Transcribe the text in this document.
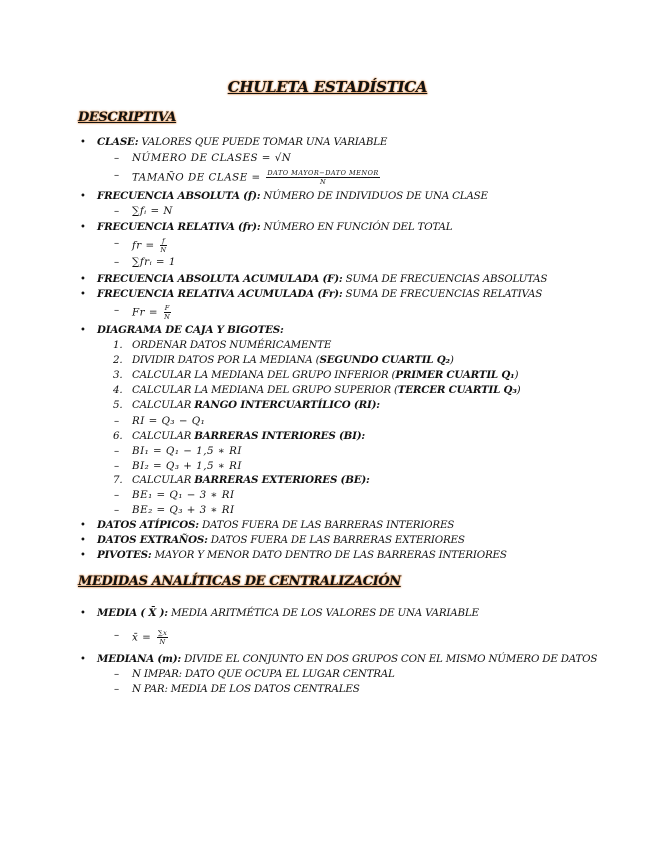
CHULETA ESTADÍSTICA
DESCRIPTIVA
• CLASE: VALORES QUE PUEDE TOMAR UNA VARIABLE
– NÚMERO DE CLASES = √N
– TAMAÑO DE CLASE = $\frac{\text{DATO MAYOR−DATO MENOR}}{N}$
• FRECUENCIA ABSOLUTA (f): NÚMERO DE INDIVIDUOS DE UNA CLASE
– ∑fᵢ = N
• FRECUENCIA RELATIVA (fr): NÚMERO EN FUNCIÓN DEL TOTAL
– fr = $\frac{f}{N}$
– ∑frᵢ = 1
• FRECUENCIA ABSOLUTA ACUMULADA (F): SUMA DE FRECUENCIAS ABSOLUTAS
• FRECUENCIA RELATIVA ACUMULADA (Fr): SUMA DE FRECUENCIAS RELATIVAS
– $Fr = \frac{F}{N}$
• DIAGRAMA DE CAJA Y BIGOTES:
1. ORDENAR DATOS NUMÉRICAMENTE
2. DIVIDIR DATOS POR LA MEDIANA (SEGUNDO CUARTIL Q₂)
3. CALCULAR LA MEDIANA DEL GRUPO INFERIOR (PRIMER CUARTIL Q₁)
4. CALCULAR LA MEDIANA DEL GRUPO SUPERIOR (TERCER CUARTIL Q₃)
5. CALCULAR RANGO INTERCUARTÍLICO (RI):
– RI = Q₃ − Q₁
6. CALCULAR BARRERAS INTERIORES (BI):
– BI₁ = Q₁ − 1,5 ∗ RI
– BI₂ = Q₃ + 1,5 ∗ RI
7. CALCULAR BARRERAS EXTERIORES (BE):
– BE₁ = Q₁ − 3 ∗ RI
– BE₂ = Q₃ + 3 ∗ RI
• DATOS ATÍPICOS: DATOS FUERA DE LAS BARRERAS INTERIORES
• DATOS EXTRAÑOS: DATOS FUERA DE LAS BARRERAS EXTERIORES
• PIVOTES: MAYOR Y MENOR DATO DENTRO DE LAS BARRERAS INTERIORES
MEDIDAS ANALÍTICAS DE CENTRALIZACIÓN
• MEDIA ( X̄ ): MEDIA ARITMÉTICA DE LOS VALORES DE UNA VARIABLE
– x̄ = $\frac{\sum x}{N}$
• MEDIANA (m): DIVIDE EL CONJUNTO EN DOS GRUPOS CON EL MISMO NÚMERO DE DATOS
– N IMPAR: DATO QUE OCUPA EL LUGAR CENTRAL
– N PAR: MEDIA DE LOS DATOS CENTRALES
